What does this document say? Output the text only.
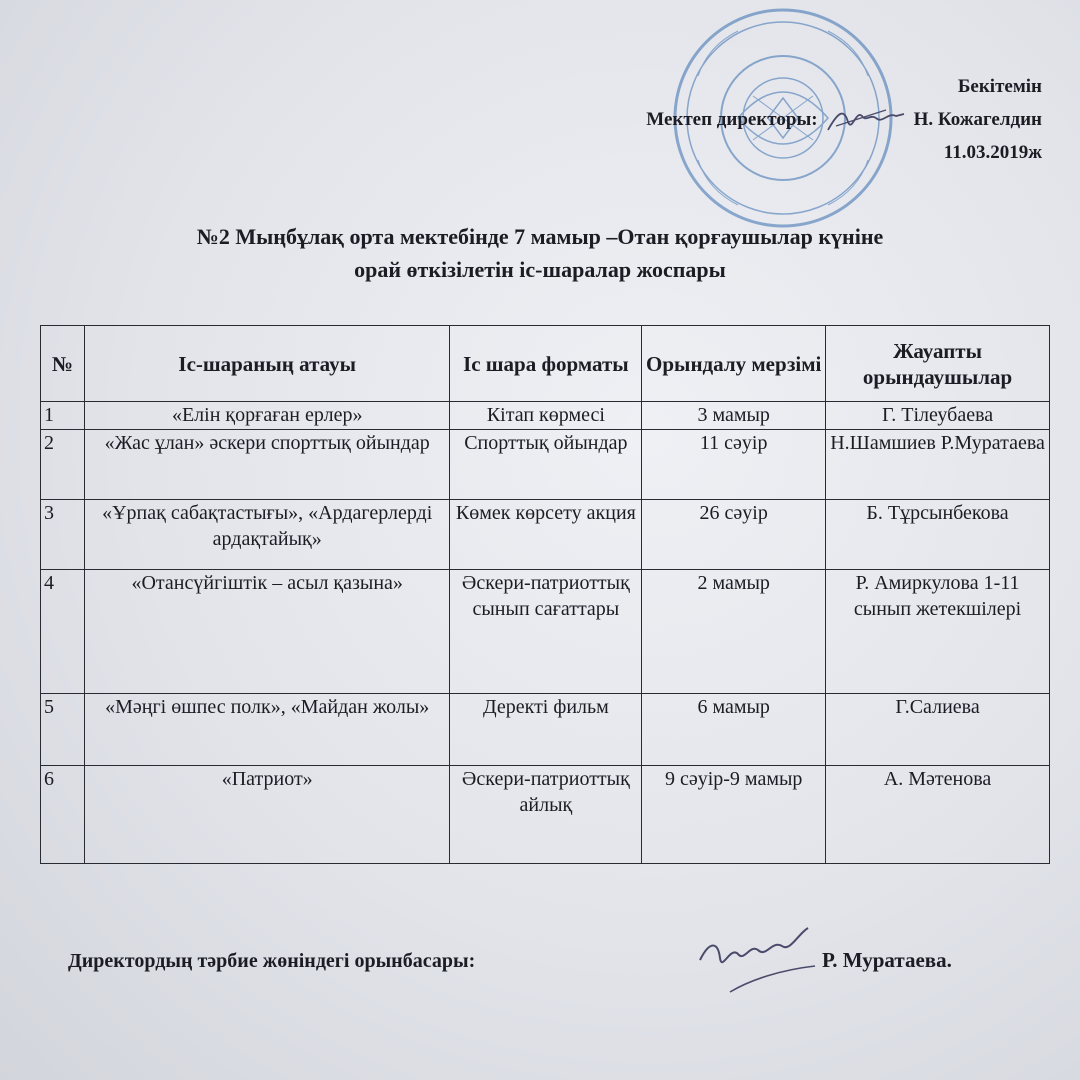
Бекітемін
Мектеп директоры:	Н. Кожагелдин
11.03.2019ж
№2 Мыңбұлақ орта мектебінде 7 мамыр –Отан қорғаушылар күніне
орай өткізілетін іс-шаралар жоспары
№	Іс-шараның атауы	Іс шара форматы	Орындалу мерзімі	Жауапты орындаушылар
1	«Елін қорғаған ерлер»	Кітап көрмесі	3 мамыр	Г. Тілеубаева
2	«Жас ұлан» әскери спорттық ойындар	Спорттық ойындар	11 сәуір	Н.Шамшиев Р.Муратаева
3	«Ұрпақ сабақтастығы», «Ардагерлерді ардақтайық»	Көмек көрсету акция	26 сәуір	Б. Тұрсынбекова
4	«Отансүйгіштік – асыл қазына»	Әскери-патриоттық сынып сағаттары	2 мамыр	Р. Амиркулова 1-11 сынып жетекшілері
5	«Мәңгі өшпес полк», «Майдан жолы»	Деректі фильм	6 мамыр	Г.Салиева
6	«Патриот»	Әскери-патриоттық айлық	9 сәуір-9 мамыр	А. Мәтенова
Директордың тәрбие жөніндегі орынбасары:	Р. Муратаева.
